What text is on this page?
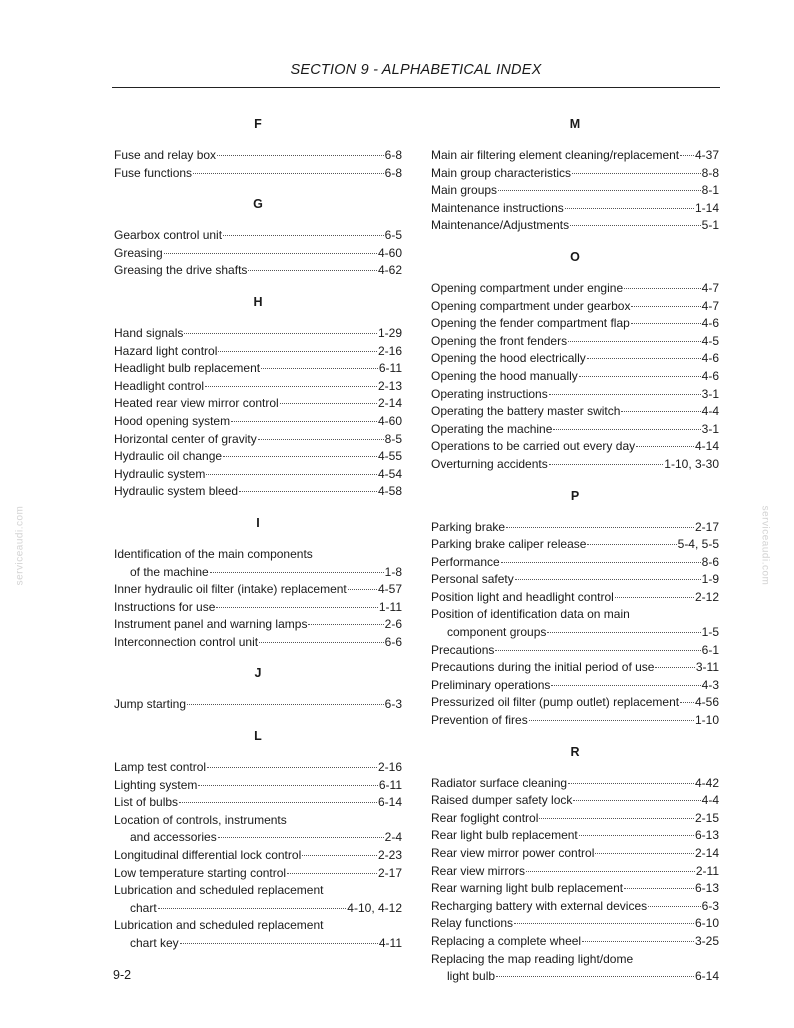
SECTION 9 - ALPHABETICAL INDEX
F
Fuse and relay box	6-8
Fuse functions	6-8
G
Gearbox control unit	6-5
Greasing	4-60
Greasing the drive shafts	4-62
H
Hand signals	1-29
Hazard light control	2-16
Headlight bulb replacement	6-11
Headlight control	2-13
Heated rear view mirror control	2-14
Hood opening system	4-60
Horizontal center of gravity	8-5
Hydraulic oil change	4-55
Hydraulic system	4-54
Hydraulic system bleed	4-58
I
Identification of the main components
of the machine	1-8
Inner hydraulic oil filter (intake) replacement	4-57
Instructions for use	1-11
Instrument panel and warning lamps	2-6
Interconnection control unit	6-6
J
Jump starting	6-3
L
Lamp test control	2-16
Lighting system	6-11
List of bulbs	6-14
Location of controls, instruments
and accessories	2-4
Longitudinal differential lock control	2-23
Low temperature starting control	2-17
Lubrication and scheduled replacement
chart	4-10, 4-12
Lubrication and scheduled replacement
chart key	4-11
M
Main air filtering element cleaning/replacement 4-37
Main group characteristics	8-8
Main groups	8-1
Maintenance instructions	1-14
Maintenance/Adjustments	5-1
O
Opening compartment under engine	4-7
Opening compartment under gearbox	4-7
Opening the fender compartment flap	4-6
Opening the front fenders	4-5
Opening the hood electrically	4-6
Opening the hood manually	4-6
Operating instructions	3-1
Operating the battery master switch	4-4
Operating the machine	3-1
Operations to be carried out every day	4-14
Overturning accidents	1-10, 3-30
P
Parking brake	2-17
Parking brake caliper release	5-4, 5-5
Performance	8-6
Personal safety	1-9
Position light and headlight control	2-12
Position of identification data on main
component groups	1-5
Precautions	6-1
Precautions during the initial period of use	3-11
Preliminary operations	4-3
Pressurized oil filter (pump outlet) replacement 4-56
Prevention of fires	1-10
R
Radiator surface cleaning	4-42
Raised dumper safety lock	4-4
Rear foglight control	2-15
Rear light bulb replacement	6-13
Rear view mirror power control	2-14
Rear view mirrors	2-11
Rear warning light bulb replacement	6-13
Recharging battery with external devices	6-3
Relay functions	6-10
Replacing a complete wheel	3-25
Replacing the map reading light/dome
light bulb	6-14
serviceaudi.com	serviceaudi.com
9-2
